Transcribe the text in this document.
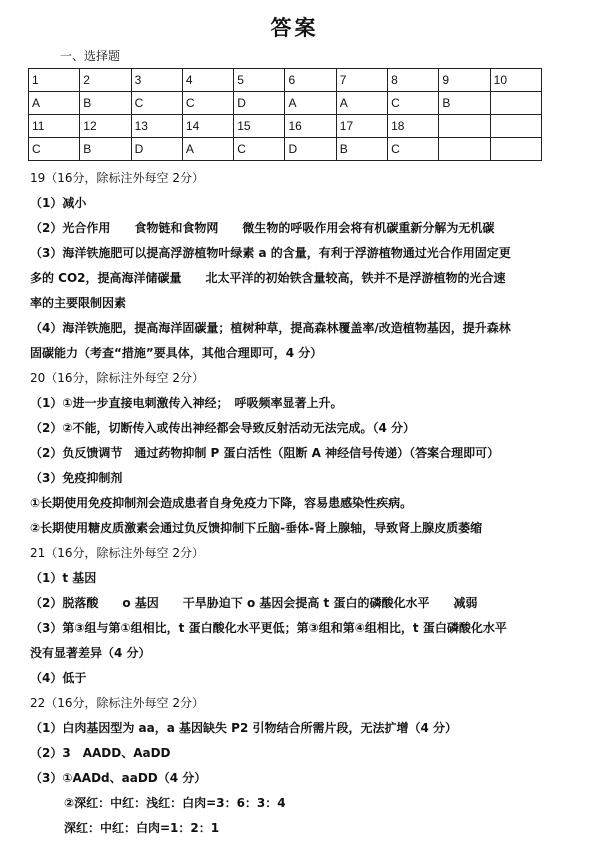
答案
一、选择题
1	2	3	4	5	6	7	8	9	10
A	B	C	C	D	A	A	C	B	
11	12	13	14	15	16	17	18		
C	B	D	A	C	D	B	C		
19（16分，除标注外每空 2分）
（1）减小
（2）光合作用　　食物链和食物网　　微生物的呼吸作用会将有机碳重新分解为无机碳
（3）海洋铁施肥可以提高浮游植物叶绿素 a 的含量，有利于浮游植物通过光合作用固定更
多的 CO2，提高海洋储碳量　　北太平洋的初始铁含量较高，铁并不是浮游植物的光合速
率的主要限制因素
（4）海洋铁施肥，提高海洋固碳量；植树种草，提高森林覆盖率/改造植物基因，提升森林
固碳能力（考查“措施”要具体，其他合理即可，4 分）
20（16分，除标注外每空 2分）
（1）①进一步直接电刺激传入神经；　呼吸频率显著上升。
（2）②不能，切断传入或传出神经都会导致反射活动无法完成。（4 分）
（2）负反馈调节　通过药物抑制 P 蛋白活性（阻断 A 神经信号传递）（答案合理即可）
（3）免疫抑制剂
①长期使用免疫抑制剂会造成患者自身免疫力下降，容易患感染性疾病。
②长期使用糖皮质激素会通过负反馈抑制下丘脑-垂体-肾上腺轴，导致肾上腺皮质萎缩
21（16分，除标注外每空 2分）
（1）t 基因
（2）脱落酸　　o 基因　　干旱胁迫下 o 基因会提高 t 蛋白的磷酸化水平　　减弱
（3）第③组与第①组相比，t 蛋白酸化水平更低；第③组和第④组相比，t 蛋白磷酸化水平
没有显著差异（4 分）
（4）低于
22（16分，除标注外每空 2分）
（1）白肉基因型为 aa，a 基因缺失 P2 引物结合所需片段，无法扩增（4 分）
（2）3　AADD、AaDD
（3）①AADd、aaDD（4 分）
②深红：中红：浅红：白肉=3：6：3：4
深红：中红：白肉=1：2：1
